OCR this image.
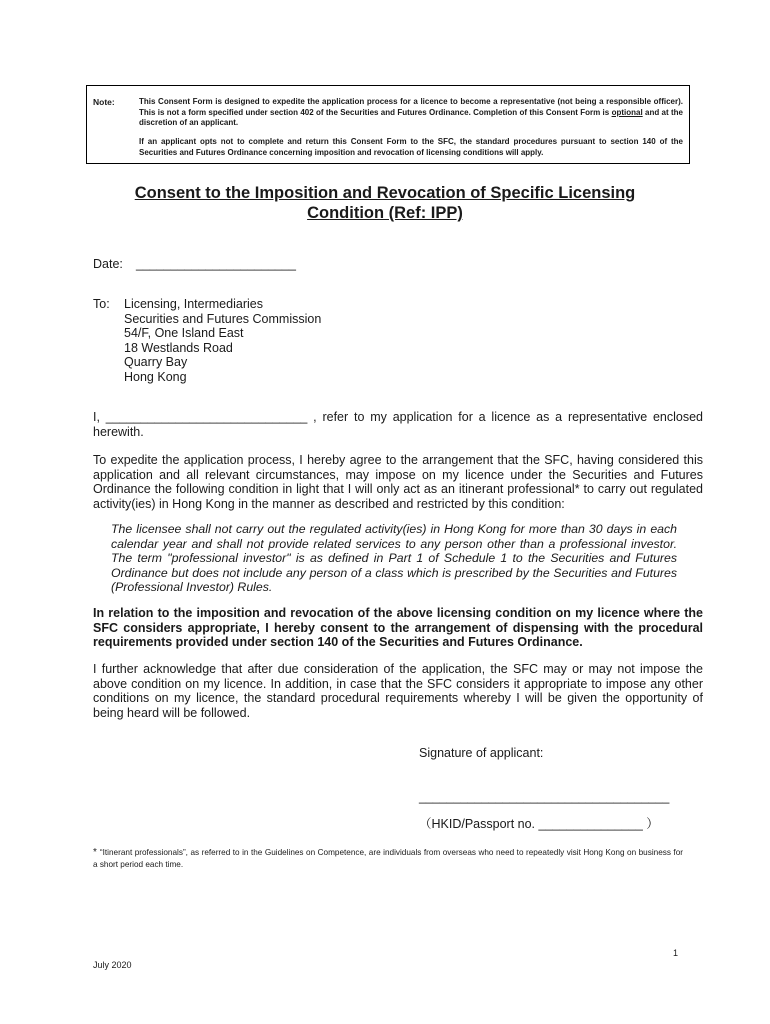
Note:	This Consent Form is designed to expedite the application process for a licence to become a representative (not being a responsible officer). This is not a form specified under section 402 of the Securities and Futures Ordinance. Completion of this Consent Form is optional and at the discretion of an applicant.
If an applicant opts not to complete and return this Consent Form to the SFC, the standard procedures pursuant to section 140 of the Securities and Futures Ordinance concerning imposition and revocation of licensing conditions will apply.
Consent to the Imposition and Revocation of Specific Licensing
Condition (Ref: IPP)
Date: _______________________
To: Licensing, Intermediaries
Securities and Futures Commission
54/F, One Island East
18 Westlands Road
Quarry Bay
Hong Kong
I, _____________________________ , refer to my application for a licence as a representative enclosed herewith.
To expedite the application process, I hereby agree to the arrangement that the SFC, having considered this application and all relevant circumstances, may impose on my licence under the Securities and Futures Ordinance the following condition in light that I will only act as an itinerant professional* to carry out regulated activity(ies) in Hong Kong in the manner as described and restricted by this condition:
The licensee shall not carry out the regulated activity(ies) in Hong Kong for more than 30 days in each calendar year and shall not provide related services to any person other than a professional investor. The term "professional investor" is as defined in Part 1 of Schedule 1 to the Securities and Futures Ordinance but does not include any person of a class which is prescribed by the Securities and Futures (Professional Investor) Rules.
In relation to the imposition and revocation of the above licensing condition on my licence where the SFC considers appropriate, I hereby consent to the arrangement of dispensing with the procedural requirements provided under section 140 of the Securities and Futures Ordinance.
I further acknowledge that after due consideration of the application, the SFC may or may not impose the above condition on my licence. In addition, in case that the SFC considers it appropriate to impose any other conditions on my licence, the standard procedural requirements whereby I will be given the opportunity of being heard will be followed.
Signature of applicant:
____________________________________
（HKID/Passport no. _______________ ）
* “Itinerant professionals”, as referred to in the Guidelines on Competence, are individuals from overseas who need to repeatedly visit Hong Kong on business for a short period each time.
1
July 2020
